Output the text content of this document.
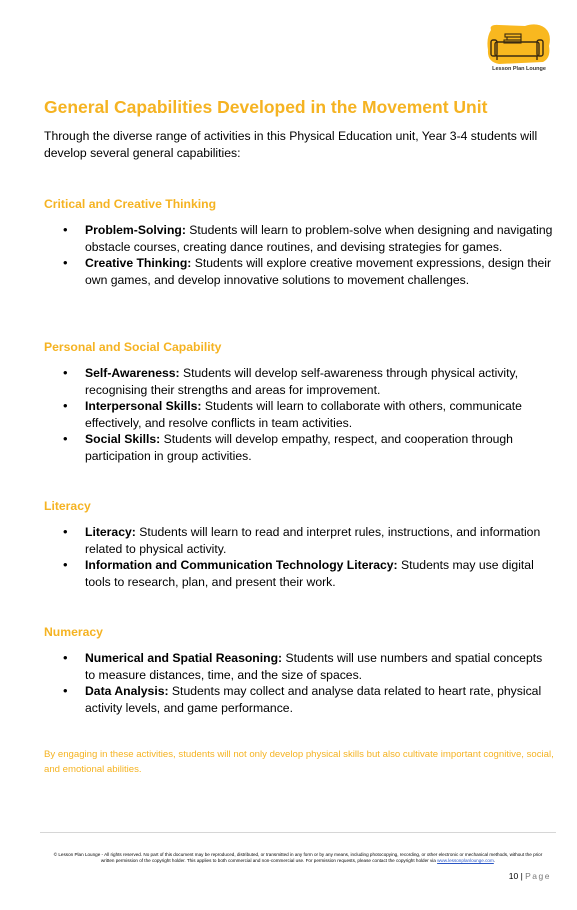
Lesson Plan Lounge
General Capabilities Developed in the Movement Unit

Through the diverse range of activities in this Physical Education unit, Year 3-4 students will develop several general capabilities:

Critical and Creative Thinking
• Problem-Solving: Students will learn to problem-solve when designing and navigating obstacle courses, creating dance routines, and devising strategies for games.
• Creative Thinking: Students will explore creative movement expressions, design their own games, and develop innovative solutions to movement challenges.
Personal and Social Capability
• Self-Awareness: Students will develop self-awareness through physical activity, recognising their strengths and areas for improvement.
• Interpersonal Skills: Students will learn to collaborate with others, communicate effectively, and resolve conflicts in team activities.
• Social Skills: Students will develop empathy, respect, and cooperation through participation in group activities.
Literacy
• Literacy: Students will learn to read and interpret rules, instructions, and information related to physical activity.
• Information and Communication Technology Literacy: Students may use digital tools to research, plan, and present their work.
Numeracy
• Numerical and Spatial Reasoning: Students will use numbers and spatial concepts to measure distances, time, and the size of spaces.
• Data Analysis: Students may collect and analyse data related to heart rate, physical activity levels, and game performance.

By engaging in these activities, students will not only develop physical skills but also cultivate important cognitive, social, and emotional abilities.

© Lesson Plan Lounge - All rights reserved. No part of this document may be reproduced, distributed, or transmitted in any form or by any means, including photocopying, recording, or other electronic or mechanical methods, without the prior written permission of the copyright holder. This applies to both commercial and non-commercial use. For permission requests, please contact the copyright holder via www.lessonplanlounge.com.
10 | Page
